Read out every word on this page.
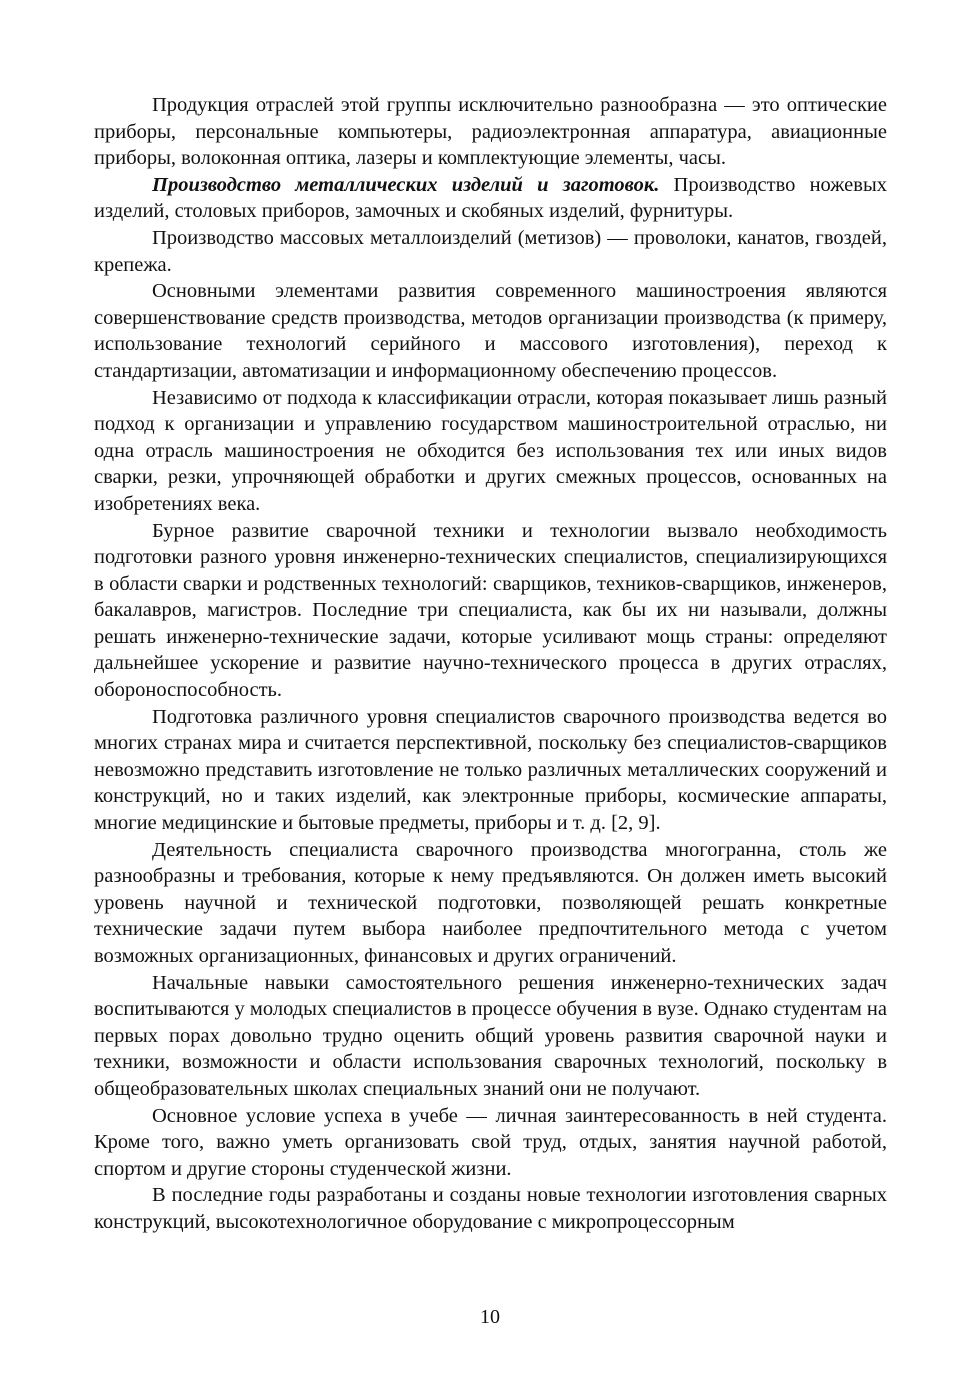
Продукция отраслей этой группы исключительно разнообразна — это оптические приборы, персональные компьютеры, радиоэлектронная аппаратура, авиационные приборы, волоконная оптика, лазеры и комплектующие элементы, часы.

Производство металлических изделий и заготовок. Производство ножевых изделий, столовых приборов, замочных и скобяных изделий, фурнитуры.

Производство массовых металлоизделий (метизов) — проволоки, канатов, гвоздей, крепежа.

Основными элементами развития современного машиностроения являются совершенствование средств производства, методов организации производства (к примеру, использование технологий серийного и массового изготовления), переход к стандартизации, автоматизации и информационному обеспечению процессов.

Независимо от подхода к классификации отрасли, которая показывает лишь разный подход к организации и управлению государством машиностроительной отраслью, ни одна отрасль машиностроения не обходится без использования тех или иных видов сварки, резки, упрочняющей обработки и других смежных процессов, основанных на изобретениях века.

Бурное развитие сварочной техники и технологии вызвало необходимость подготовки разного уровня инженерно-технических специалистов, специализирующихся в области сварки и родственных технологий: сварщиков, техников-сварщиков, инженеров, бакалавров, магистров. Последние три специалиста, как бы их ни называли, должны решать инженерно-технические задачи, которые усиливают мощь страны: определяют дальнейшее ускорение и развитие научно-технического процесса в других отраслях, обороноспособность.

Подготовка различного уровня специалистов сварочного производства ведется во многих странах мира и считается перспективной, поскольку без специалистов-сварщиков невозможно представить изготовление не только различных металлических сооружений и конструкций, но и таких изделий, как электронные приборы, космические аппараты, многие медицинские и бытовые предметы, приборы и т. д. [2, 9].

Деятельность специалиста сварочного производства многогранна, столь же разнообразны и требования, которые к нему предъявляются. Он должен иметь высокий уровень научной и технической подготовки, позволяющей решать конкретные технические задачи путем выбора наиболее предпочтительного метода с учетом возможных организационных, финансовых и других ограничений.

Начальные навыки самостоятельного решения инженерно-технических задач воспитываются у молодых специалистов в процессе обучения в вузе. Однако студентам на первых порах довольно трудно оценить общий уровень развития сварочной науки и техники, возможности и области использования сварочных технологий, поскольку в общеобразовательных школах специальных знаний они не получают.

Основное условие успеха в учебе — личная заинтересованность в ней студента. Кроме того, важно уметь организовать свой труд, отдых, занятия научной работой, спортом и другие стороны студенческой жизни.

В последние годы разработаны и созданы новые технологии изготовления сварных конструкций, высокотехнологичное оборудование с микропроцессорным

10
